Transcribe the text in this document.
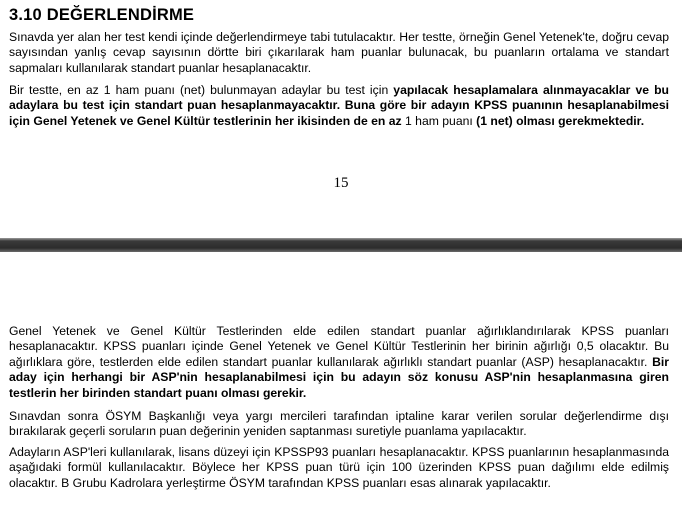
3.10 DEĞERLENDİRME
Sınavda yer alan her test kendi içinde değerlendirmeye tabi tutulacaktır. Her testte, örneğin Genel Yetenek'te, doğru cevap sayısından yanlış cevap sayısının dörtte biri çıkarılarak ham puanlar bulunacak, bu puanların ortalama ve standart sapmaları kullanılarak standart puanlar hesaplanacaktır.
Bir testte, en az 1 ham puanı (net) bulunmayan adaylar bu test için yapılacak hesaplamalara alınmayacaklar ve bu adaylara bu test için standart puan hesaplanmayacaktır. Buna göre bir adayın KPSS puanının hesaplanabilmesi için Genel Yetenek ve Genel Kültür testlerinin her ikisinden de en az 1 ham puanı (1 net) olması gerekmektedir.
15
Genel Yetenek ve Genel Kültür Testlerinden elde edilen standart puanlar ağırlıklandırılarak KPSS puanları hesaplanacaktır. KPSS puanları içinde Genel Yetenek ve Genel Kültür Testlerinin her birinin ağırlığı 0,5 olacaktır. Bu ağırlıklara göre, testlerden elde edilen standart puanlar kullanılarak ağırlıklı standart puanlar (ASP) hesaplanacaktır. Bir aday için herhangi bir ASP'nin hesaplanabilmesi için bu adayın söz konusu ASP'nin hesaplanmasına giren testlerin her birinden standart puanı olması gerekir.
Sınavdan sonra ÖSYM Başkanlığı veya yargı mercileri tarafından iptaline karar verilen sorular değerlendirme dışı bırakılarak geçerli soruların puan değerinin yeniden saptanması suretiyle puanlama yapılacaktır.
Adayların ASP'leri kullanılarak, lisans düzeyi için KPSSP93 puanları hesaplanacaktır. KPSS puanlarının hesaplanmasında aşağıdaki formül kullanılacaktır. Böylece her KPSS puan türü için 100 üzerinden KPSS puan dağılımı elde edilmiş olacaktır. B Grubu Kadrolara yerleştirme ÖSYM tarafından KPSS puanları esas alınarak yapılacaktır.
